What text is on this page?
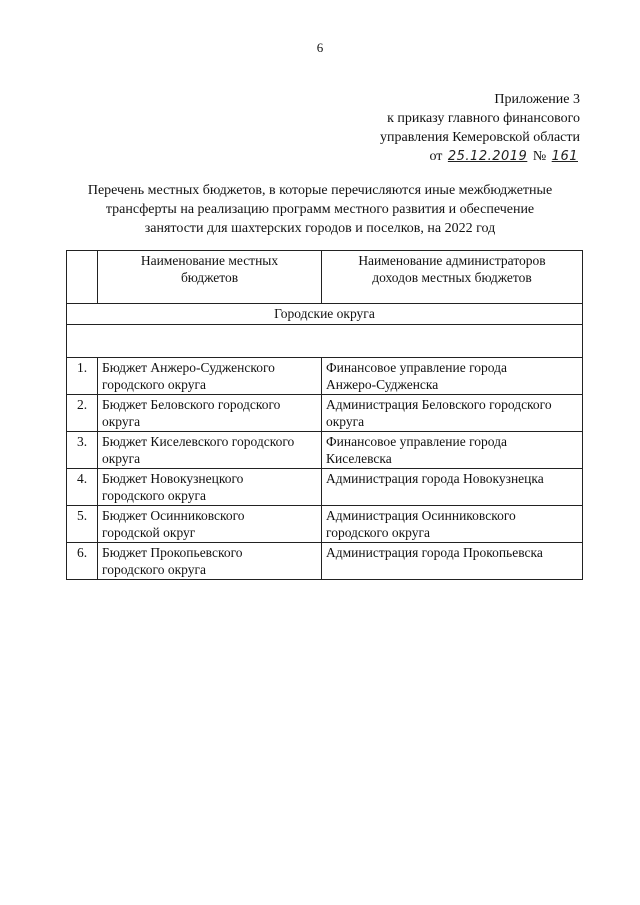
6
Приложение 3
к приказу главного финансового
управления Кемеровской области
от 25.12.2019 № 161
Перечень местных бюджетов, в которые перечисляются иные межбюджетные
трансферты на реализацию программ местного развития и обеспечение
занятости для шахтерских городов и поселков, на 2022 год

	Наименование местных
бюджетов	Наименование администраторов
доходов местных бюджетов

Городские округа		

1.	Бюджет Анжеро-Судженского
городского округа	Финансовое управление города
Анжеро-Судженска

2.	Бюджет Беловского городского
округа	Администрация Беловского городского
округа

3.	Бюджет Киселевского городского
округа	Финансовое управление города
Киселевска

4.	Бюджет Новокузнецкого
городского округа	Администрация города Новокузнецка

5.	Бюджет Осинниковского
городской округ	Администрация Осинниковского
городского округа

6.	Бюджет Прокопьевского
городского округа	Администрация города Прокопьевска
